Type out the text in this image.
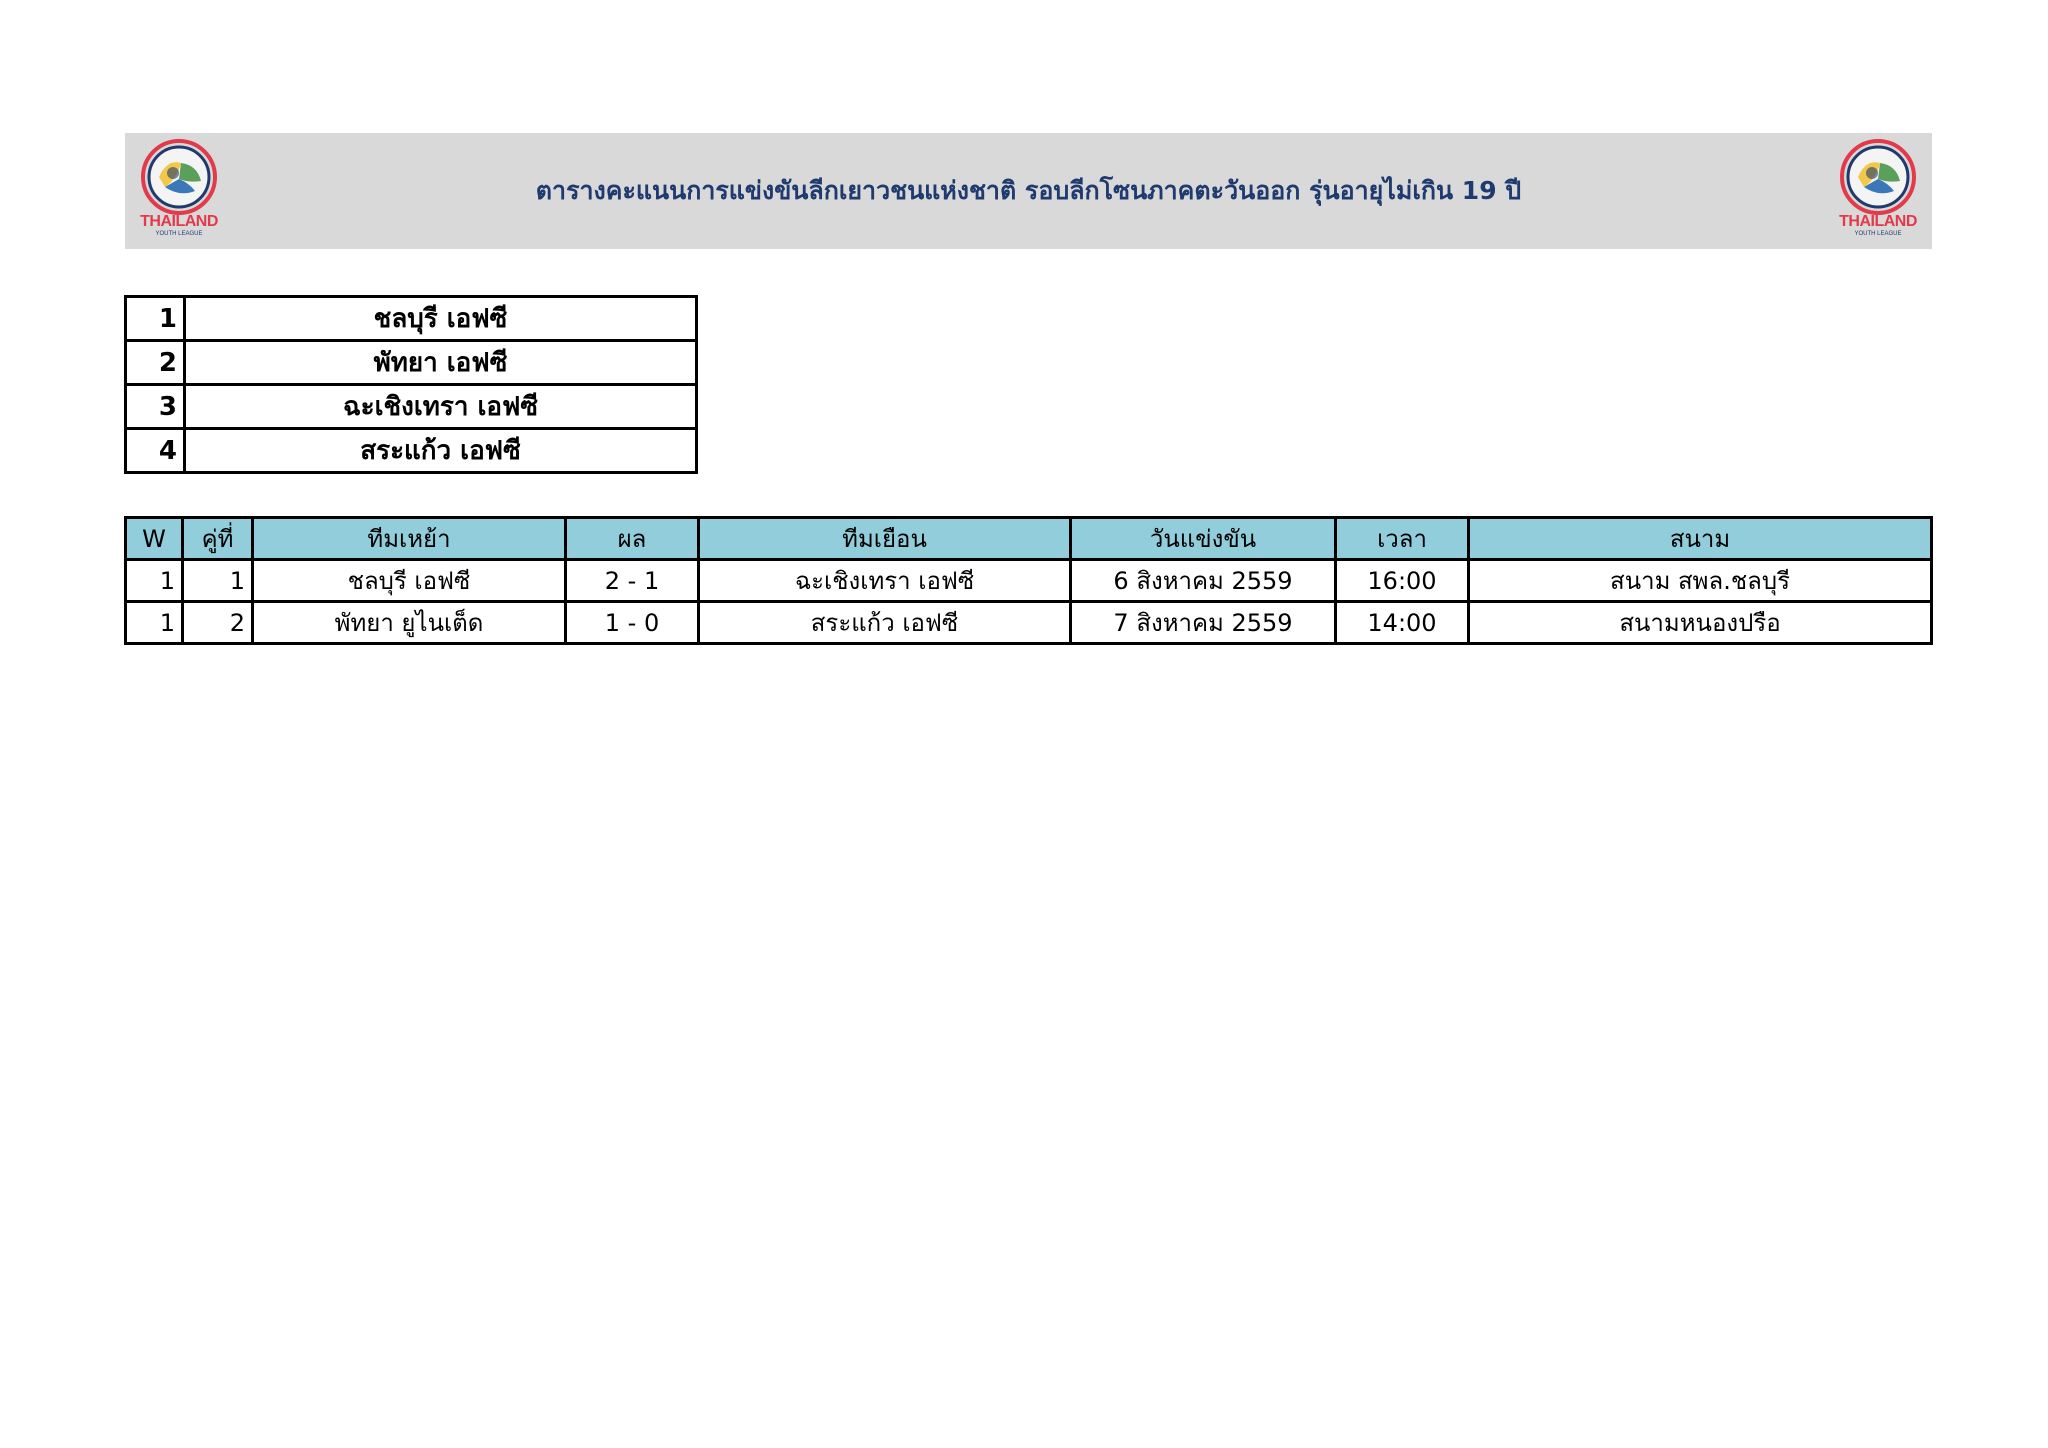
THAILAND
YOUTH LEAGUE
ตารางคะแนนการแข่งขันลีกเยาวชนแห่งชาติ รอบลีกโซนภาคตะวันออก รุ่นอายุไม่เกิน 19 ปี
THAILAND
YOUTH LEAGUE
1	ชลบุรี เอฟซี
2	พัทยา เอฟซี
3	ฉะเชิงเทรา เอฟซี
4	สระแก้ว เอฟซี
W	คู่ที่	ทีมเหย้า	ผล	ทีมเยือน	วันแข่งขัน	เวลา	สนาม
1	1	ชลบุรี เอฟซี	2 - 1	ฉะเชิงเทรา เอฟซี	6 สิงหาคม 2559	16:00	สนาม สพล.ชลบุรี
1	2	พัทยา ยูไนเต็ด	1 - 0	สระแก้ว เอฟซี	7 สิงหาคม 2559	14:00	สนามหนองปรือ
